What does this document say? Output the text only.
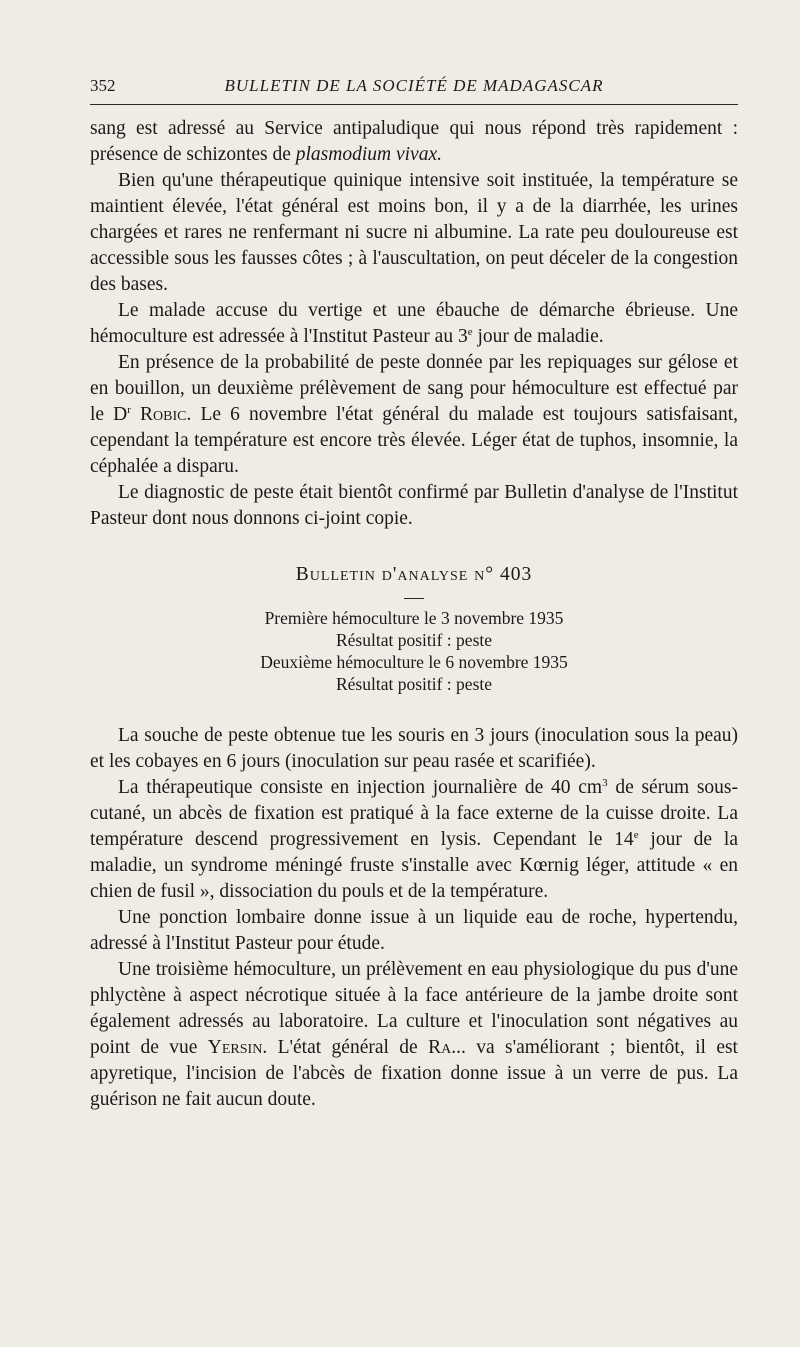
352	BULLETIN DE LA SOCIÉTÉ DE MADAGASCAR

sang est adressé au Service antipaludique qui nous répond très rapidement : présence de schizontes de plasmodium vivax.

Bien qu'une thérapeutique quinique intensive soit instituée, la température se maintient élevée, l'état général est moins bon, il y a de la diarrhée, les urines chargées et rares ne renfermant ni sucre ni albumine. La rate peu douloureuse est accessible sous les fausses côtes ; à l'auscultation, on peut déceler de la congestion des bases.

Le malade accuse du vertige et une ébauche de démarche ébrieuse. Une hémoculture est adressée à l'Institut Pasteur au 3e jour de maladie.

En présence de la probabilité de peste donnée par les repiquages sur gélose et en bouillon, un deuxième prélèvement de sang pour hémoculture est effectué par le $D^r$ Robic. Le 6 novembre l'état général du malade est toujours satisfaisant, cependant la température est encore très élevée. Léger état de tuphos, insomnie, la céphalée a disparu.

Le diagnostic de peste était bientôt confirmé par Bulletin d'analyse de l'Institut Pasteur dont nous donnons ci-joint copie.

Bulletin d'analyse n° 403
Première hémoculture le 3 novembre 1935
Résultat positif : peste
Deuxième hémoculture le 6 novembre 1935
Résultat positif : peste

La souche de peste obtenue tue les souris en 3 jours (inoculation sous la peau) et les cobayes en 6 jours (inoculation sur peau rasée et scarifiée).

La thérapeutique consiste en injection journalière de 40 $cm^3$ de sérum sous-cutané, un abcès de fixation est pratiqué à la face externe de la cuisse droite. La température descend progressivement en lysis. Cependant le 14e jour de la maladie, un syndrome méningé fruste s'installe avec Kœrnig léger, attitude « en chien de fusil », dissociation du pouls et de la température.

Une ponction lombaire donne issue à un liquide eau de roche, hypertendu, adressé à l'Institut Pasteur pour étude.

Une troisième hémoculture, un prélèvement en eau physiologique du pus d'une phlyctène à aspect nécrotique située à la face antérieure de la jambe droite sont également adressés au laboratoire. La culture et l'inoculation sont négatives au point de vue Yersin. L'état général de Ra... va s'améliorant ; bientôt, il est apyretique, l'incision de l'abcès de fixation donne issue à un verre de pus. La guérison ne fait aucun doute.
